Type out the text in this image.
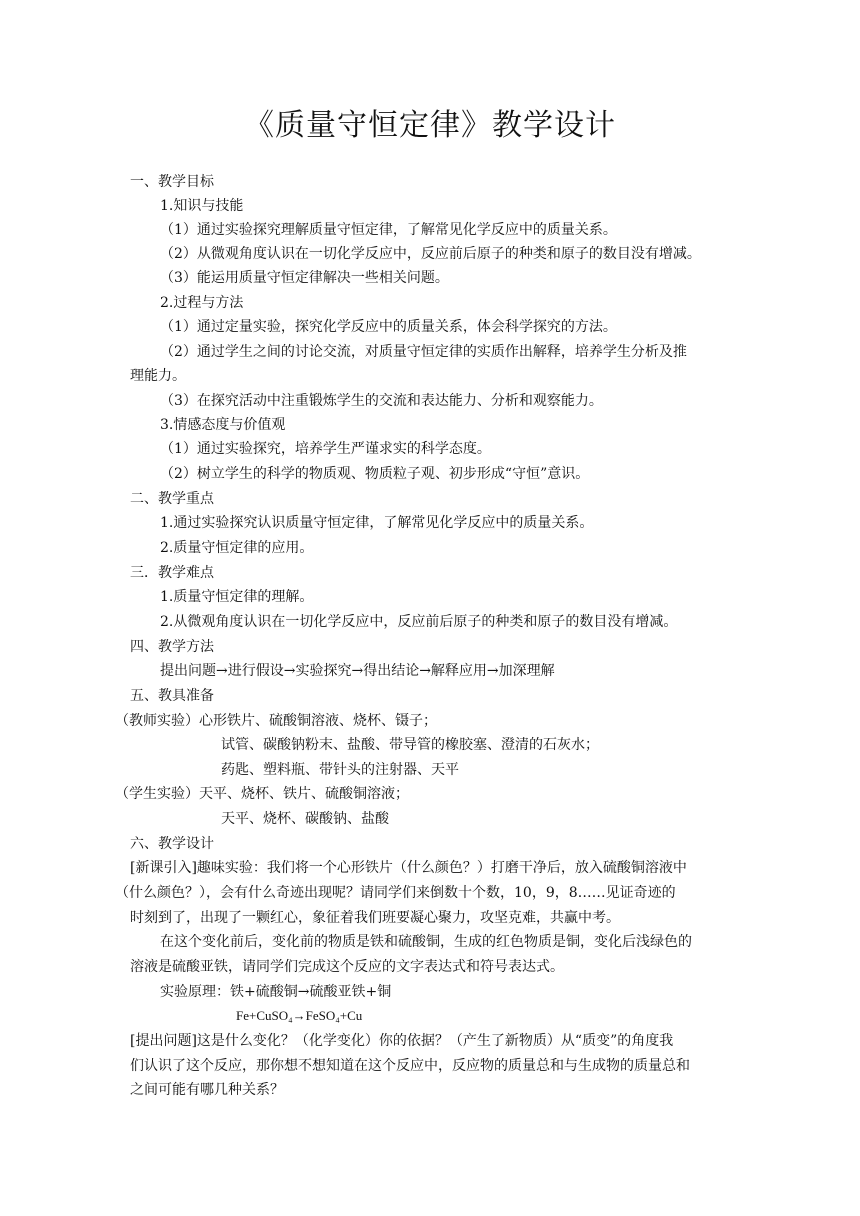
《质量守恒定律》教学设计
一、教学目标
1.知识与技能
（1）通过实验探究理解质量守恒定律，了解常见化学反应中的质量关系。
（2）从微观角度认识在一切化学反应中，反应前后原子的种类和原子的数目没有增减。
（3）能运用质量守恒定律解决一些相关问题。
2.过程与方法
（1）通过定量实验，探究化学反应中的质量关系，体会科学探究的方法。
（2）通过学生之间的讨论交流，对质量守恒定律的实质作出解释，培养学生分析及推
理能力。
（3）在探究活动中注重锻炼学生的交流和表达能力、分析和观察能力。
3.情感态度与价值观
（1）通过实验探究，培养学生严谨求实的科学态度。
（2）树立学生的科学的物质观、物质粒子观、初步形成“守恒”意识。
二、教学重点
1.通过实验探究认识质量守恒定律，了解常见化学反应中的质量关系。
2.质量守恒定律的应用。
三．教学难点
1.质量守恒定律的理解。
2.从微观角度认识在一切化学反应中，反应前后原子的种类和原子的数目没有增减。
四、教学方法
提出问题→进行假设→实验探究→得出结论→解释应用→加深理解
五、教具准备
（教师实验）心形铁片、硫酸铜溶液、烧杯、镊子；
试管、碳酸钠粉末、盐酸、带导管的橡胶塞、澄清的石灰水；
药匙、塑料瓶、带针头的注射器、天平
（学生实验）天平、烧杯、铁片、硫酸铜溶液；
天平、烧杯、碳酸钠、盐酸
六、教学设计
[新课引入]趣味实验：我们将一个心形铁片（什么颜色？）打磨干净后，放入硫酸铜溶液中
（什么颜色？），会有什么奇迹出现呢？请同学们来倒数十个数，10，9，8……见证奇迹的
时刻到了，出现了一颗红心，象征着我们班要凝心聚力，攻坚克难，共赢中考。
在这个变化前后，变化前的物质是铁和硫酸铜，生成的红色物质是铜，变化后浅绿色的
溶液是硫酸亚铁，请同学们完成这个反应的文字表达式和符号表达式。
实验原理：铁+硫酸铜→硫酸亚铁+铜
Fe+CuSO₄→FeSO₄+Cu
[提出问题]这是什么变化？（化学变化）你的依据？（产生了新物质）从“质变”的角度我
们认识了这个反应，那你想不想知道在这个反应中，反应物的质量总和与生成物的质量总和
之间可能有哪几种关系？
